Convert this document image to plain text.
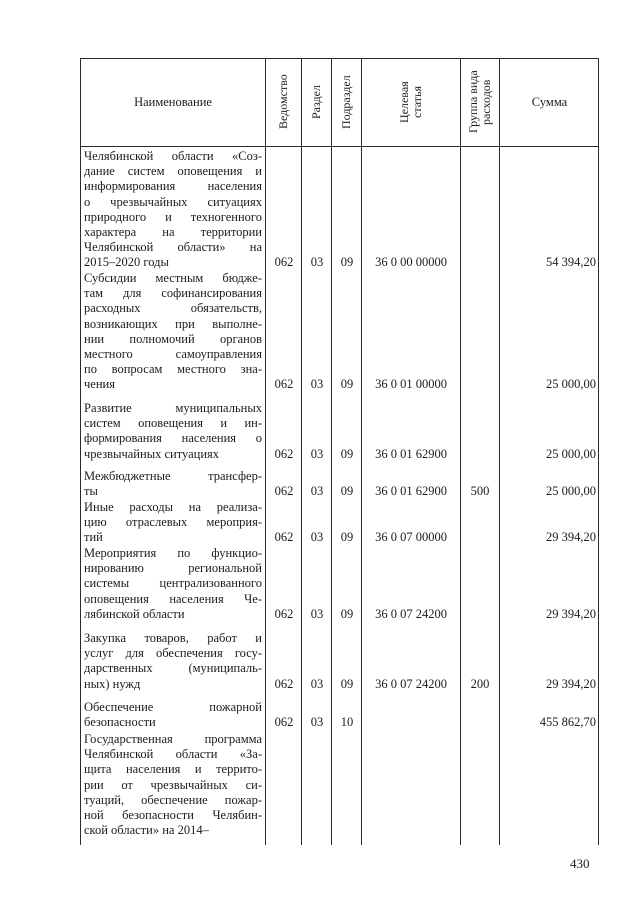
Наименование	Ведомство	Раздел	Подраздел	Целевая
статья	Группа вида
расходов	Сумма
Челябинской области «Соз-
дание систем оповещения и
информирования населения
о чрезвычайных ситуациях
природного и техногенного
характера на территории
Челябинской области» на
2015–2020 годы	062	03	09	36 0 00 00000	54 394,20
Субсидии местным бюдже-
там для софинансирования
расходных обязательств,
возникающих при выполне-
нии полномочий органов
местного самоуправления
по вопросам местного зна-
чения	062	03	09	36 0 01 00000	25 000,00
Развитие муниципальных
систем оповещения и ин-
формирования населения о
чрезвычайных ситуациях	062	03	09	36 0 01 62900	25 000,00
Межбюджетные трансфер-
ты	062	03	09	36 0 01 62900	500	25 000,00
Иные расходы на реализа-
цию отраслевых мероприя-
тий	062	03	09	36 0 07 00000	29 394,20
Мероприятия по функцио-
нированию региональной
системы централизованного
оповещения населения Че-
лябинской области	062	03	09	36 0 07 24200	29 394,20
Закупка товаров, работ и
услуг для обеспечения госу-
дарственных (муниципаль-
ных) нужд	062	03	09	36 0 07 24200	200	29 394,20
Обеспечение пожарной
безопасности	062	03	10	455 862,70
Государственная программа
Челябинской области «За-
щита населения и террито-
рии от чрезвычайных си-
туаций, обеспечение пожар-
ной безопасности Челябин-
ской области» на 2014–
430
